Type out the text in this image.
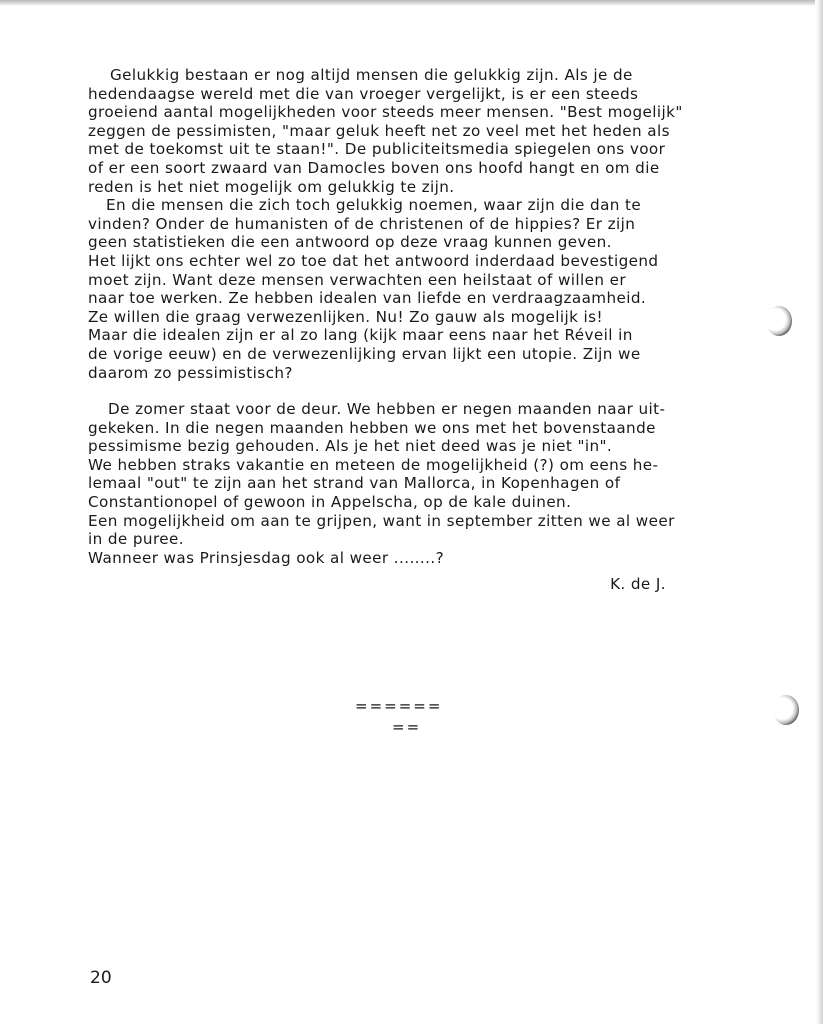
Gelukkig bestaan er nog altijd mensen die gelukkig zijn. Als je de
hedendaagse wereld met die van vroeger vergelijkt, is er een steeds
groeiend aantal mogelijkheden voor steeds meer mensen. "Best mogelijk"
zeggen de pessimisten, "maar geluk heeft net zo veel met het heden als
met de toekomst uit te staan!". De publiciteitsmedia spiegelen ons voor
of er een soort zwaard van Damocles boven ons hoofd hangt en om die
reden is het niet mogelijk om gelukkig te zijn.
En die mensen die zich toch gelukkig noemen, waar zijn die dan te
vinden? Onder de humanisten of de christenen of de hippies? Er zijn
geen statistieken die een antwoord op deze vraag kunnen geven.
Het lijkt ons echter wel zo toe dat het antwoord inderdaad bevestigend
moet zijn. Want deze mensen verwachten een heilstaat of willen er
naar toe werken. Ze hebben idealen van liefde en verdraagzaamheid.
Ze willen die graag verwezenlijken. Nu! Zo gauw als mogelijk is!
Maar die idealen zijn er al zo lang (kijk maar eens naar het Réveil in
de vorige eeuw) en de verwezenlijking ervan lijkt een utopie. Zijn we
daarom zo pessimistisch?
De zomer staat voor de deur. We hebben er negen maanden naar uit-
gekeken. In die negen maanden hebben we ons met het bovenstaande
pessimisme bezig gehouden. Als je het niet deed was je niet "in".
We hebben straks vakantie en meteen de mogelijkheid (?) om eens he-
lemaal "out" te zijn aan het strand van Mallorca, in Kopenhagen of
Constantionopel of gewoon in Appelscha, op de kale duinen.
Een mogelijkheid om aan te grijpen, want in september zitten we al weer
in de puree.
Wanneer was Prinsjesdag ook al weer ........?
K. de J.
======
==
20
